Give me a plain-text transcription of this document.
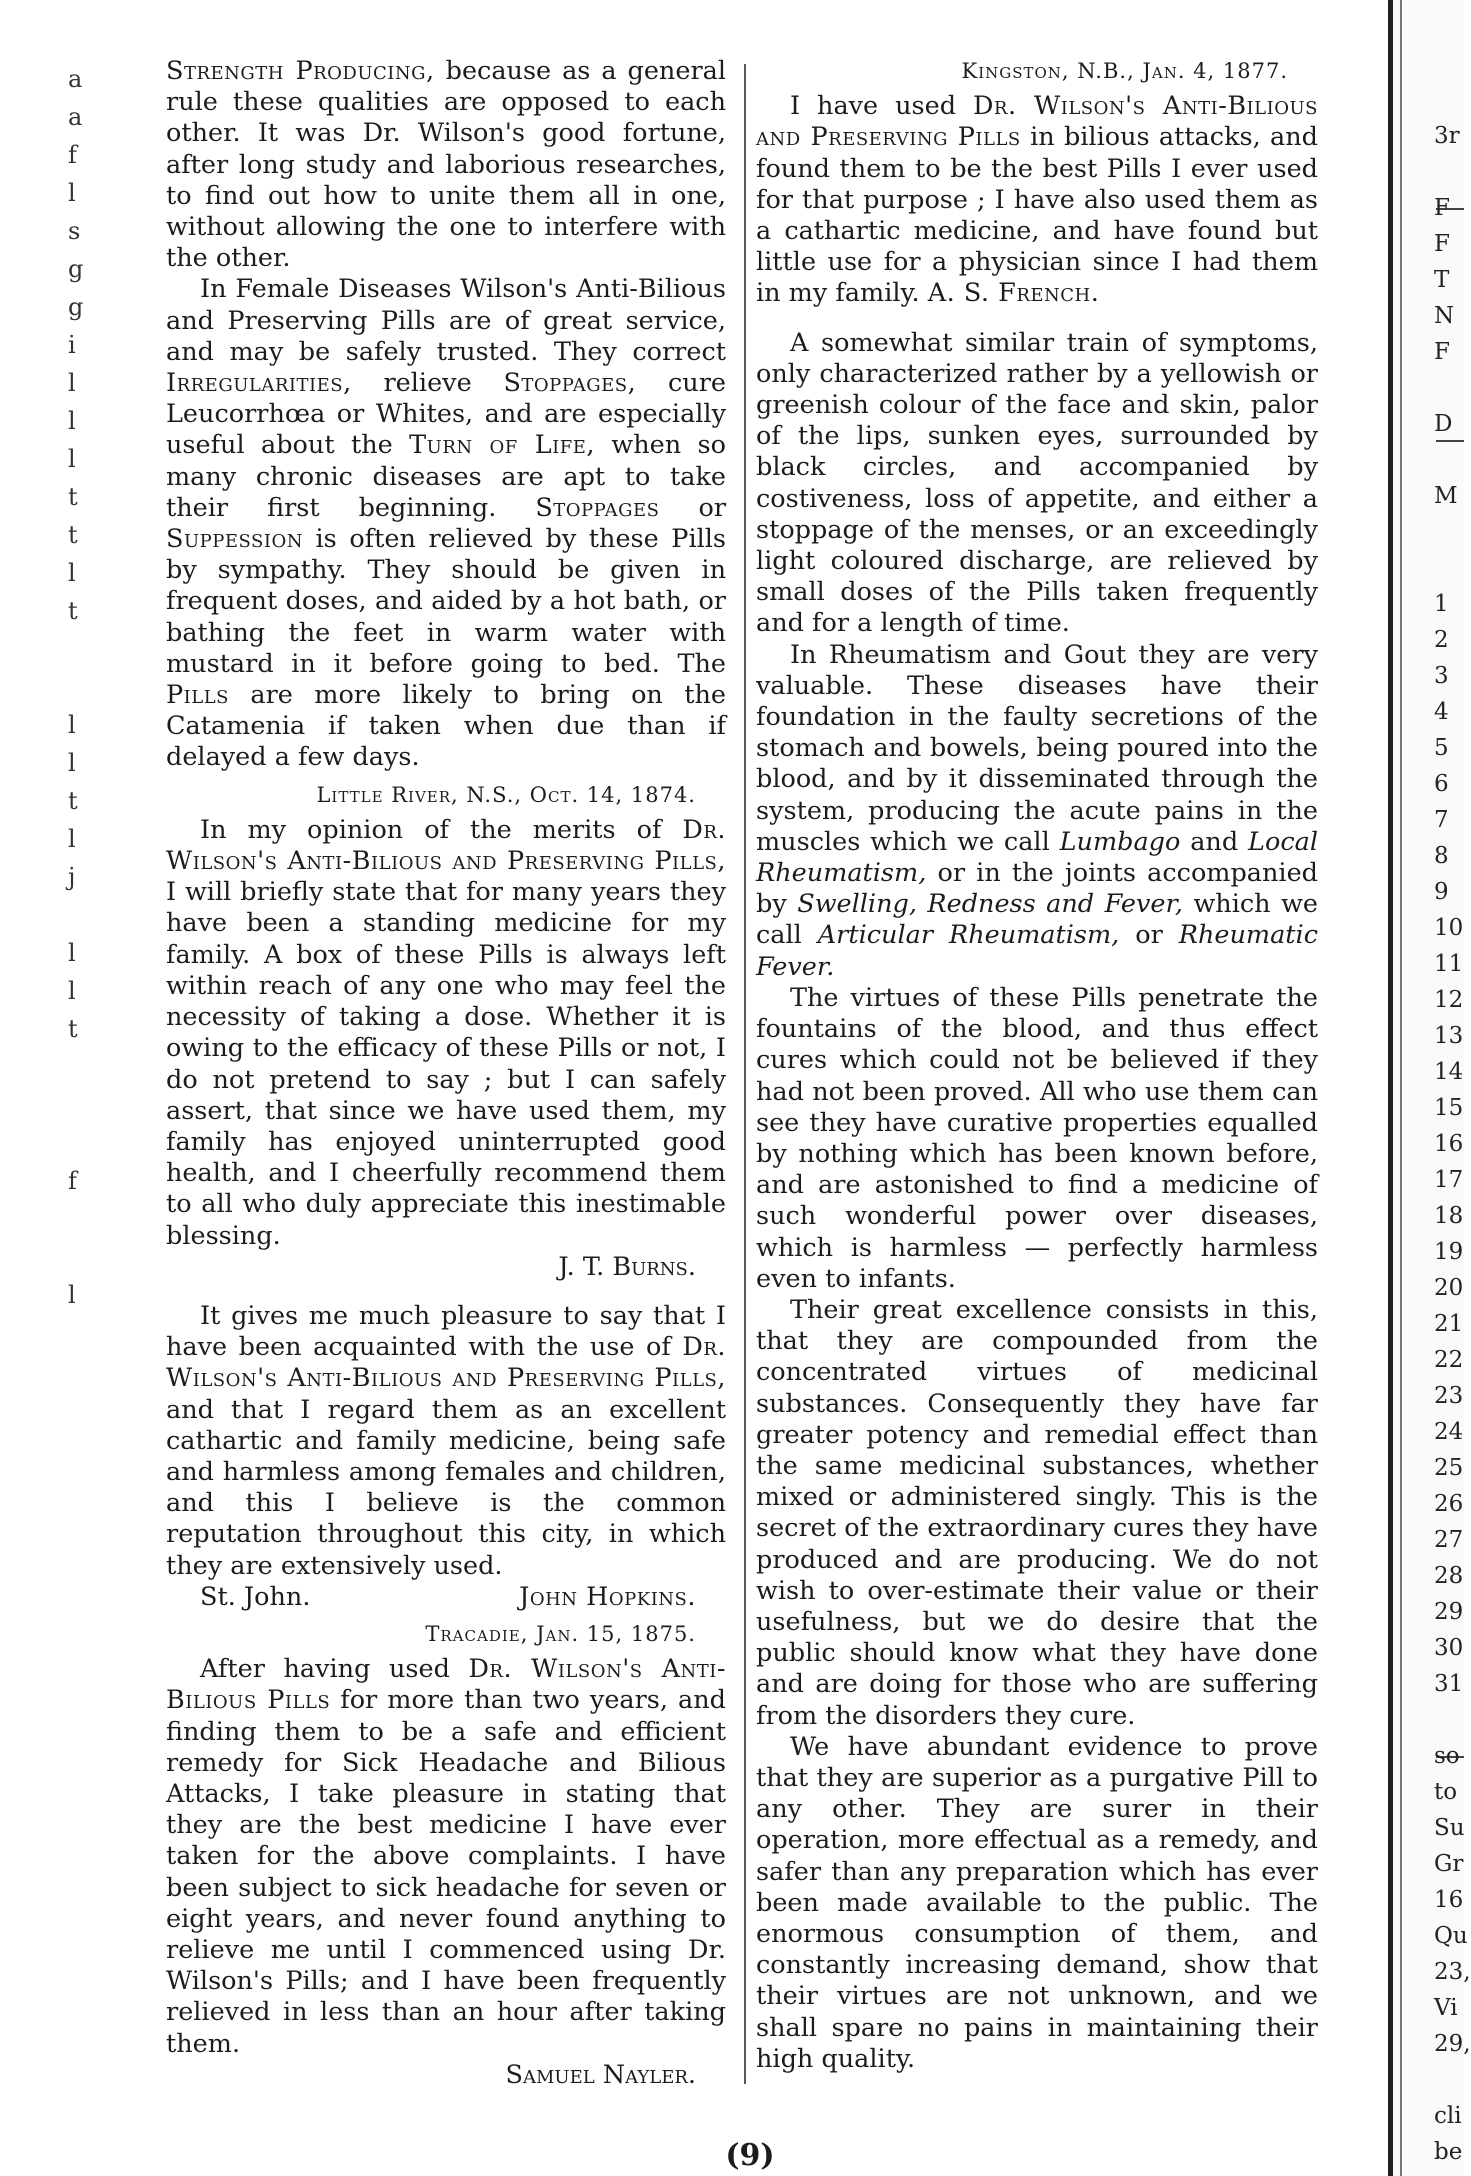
a
a
f
l
s
g
g
i
l
l
l
t
t
l
t
l
l
t
l
j
l
l
t
f
l

Strength Producing, because as a general rule these qualities are opposed to each other. It was Dr. Wilson's good fortune, after long study and laborious researches, to find out how to unite them all in one, without allowing the one to interfere with the other.

In Female Diseases Wilson's Anti-Bilious and Preserving Pills are of great service, and may be safely trusted. They correct Irregularities, relieve Stoppages, cure Leucorrhœa or Whites, and are especially useful about the Turn of Life, when so many chronic diseases are apt to take their first beginning. Stoppages or Suppession is often relieved by these Pills by sympathy. They should be given in frequent doses, and aided by a hot bath, or bathing the feet in warm water with mustard in it before going to bed. The Pills are more likely to bring on the Catamenia if taken when due than if delayed a few days.

Little River, N.S., Oct. 14, 1874.

In my opinion of the merits of Dr. Wilson's Anti-Bilious and Preserving Pills, I will briefly state that for many years they have been a standing medicine for my family. A box of these Pills is always left within reach of any one who may feel the necessity of taking a dose. Whether it is owing to the efficacy of these Pills or not, I do not pretend to say ; but I can safely assert, that since we have used them, my family has enjoyed uninterrupted good health, and I cheerfully recommend them to all who duly appreciate this inestimable blessing.

J. T. Burns.

It gives me much pleasure to say that I have been acquainted with the use of Dr. Wilson's Anti-Bilious and Preserving Pills, and that I regard them as an excellent cathartic and family medicine, being safe and harmless among females and children, and this I believe is the common reputation throughout this city, in which they are extensively used.

St. John.	John Hopkins.
Tracadie, Jan. 15, 1875.

After having used Dr. Wilson's Anti-Bilious Pills for more than two years, and finding them to be a safe and efficient remedy for Sick Headache and Bilious Attacks, I take pleasure in stating that they are the best medicine I have ever taken for the above complaints. I have been subject to sick headache for seven or eight years, and never found anything to relieve me until I commenced using Dr. Wilson's Pills; and I have been frequently relieved in less than an hour after taking them.

Samuel Nayler.
Kingston, N.B., Jan. 4, 1877.

I have used Dr. Wilson's Anti-Bilious and Preserving Pills in bilious attacks, and found them to be the best Pills I ever used for that purpose ; I have also used them as a cathartic medicine, and have found but little use for a physician since I had them in my family. A. S. French.

A somewhat similar train of symptoms, only characterized rather by a yellowish or greenish colour of the face and skin, palor of the lips, sunken eyes, surrounded by black circles, and accompanied by costiveness, loss of appetite, and either a stoppage of the menses, or an exceedingly light coloured discharge, are relieved by small doses of the Pills taken frequently and for a length of time.

In Rheumatism and Gout they are very valuable. These diseases have their foundation in the faulty secretions of the stomach and bowels, being poured into the blood, and by it disseminated through the system, producing the acute pains in the muscles which we call Lumbago and Local Rheumatism, or in the joints accompanied by Swelling, Redness and Fever, which we call Articular Rheumatism, or Rheumatic Fever.

The virtues of these Pills penetrate the fountains of the blood, and thus effect cures which could not be believed if they had not been proved. All who use them can see they have curative properties equalled by nothing which has been known before, and are astonished to find a medicine of such wonderful power over diseases, which is harmless — perfectly harmless even to infants.

Their great excellence consists in this, that they are compounded from the concentrated virtues of medicinal substances. Consequently they have far greater potency and remedial effect than the same medicinal substances, whether mixed or administered singly. This is the secret of the extraordinary cures they have produced and are producing. We do not wish to over-estimate their value or their usefulness, but we do desire that the public should know what they have done and are doing for those who are suffering from the disorders they cure.

We have abundant evidence to prove that they are superior as a purgative Pill to any other. They are surer in their operation, more effectual as a remedy, and safer than any preparation which has ever been made available to the public. The enormous consumption of them, and constantly increasing demand, show that their virtues are not unknown, and we shall spare no pains in maintaining their high quality.

(9)
3r
F
F
T
N
F
D
M
1
2
3
4
5
6
7
8
9
10
11
12
13
14
15
16
17
18
19
20
21
22
23
24
25
26
27
28
29
30
31
so
to
Su
Gr
16
Qu
23,
Vi
29,
cli
be
